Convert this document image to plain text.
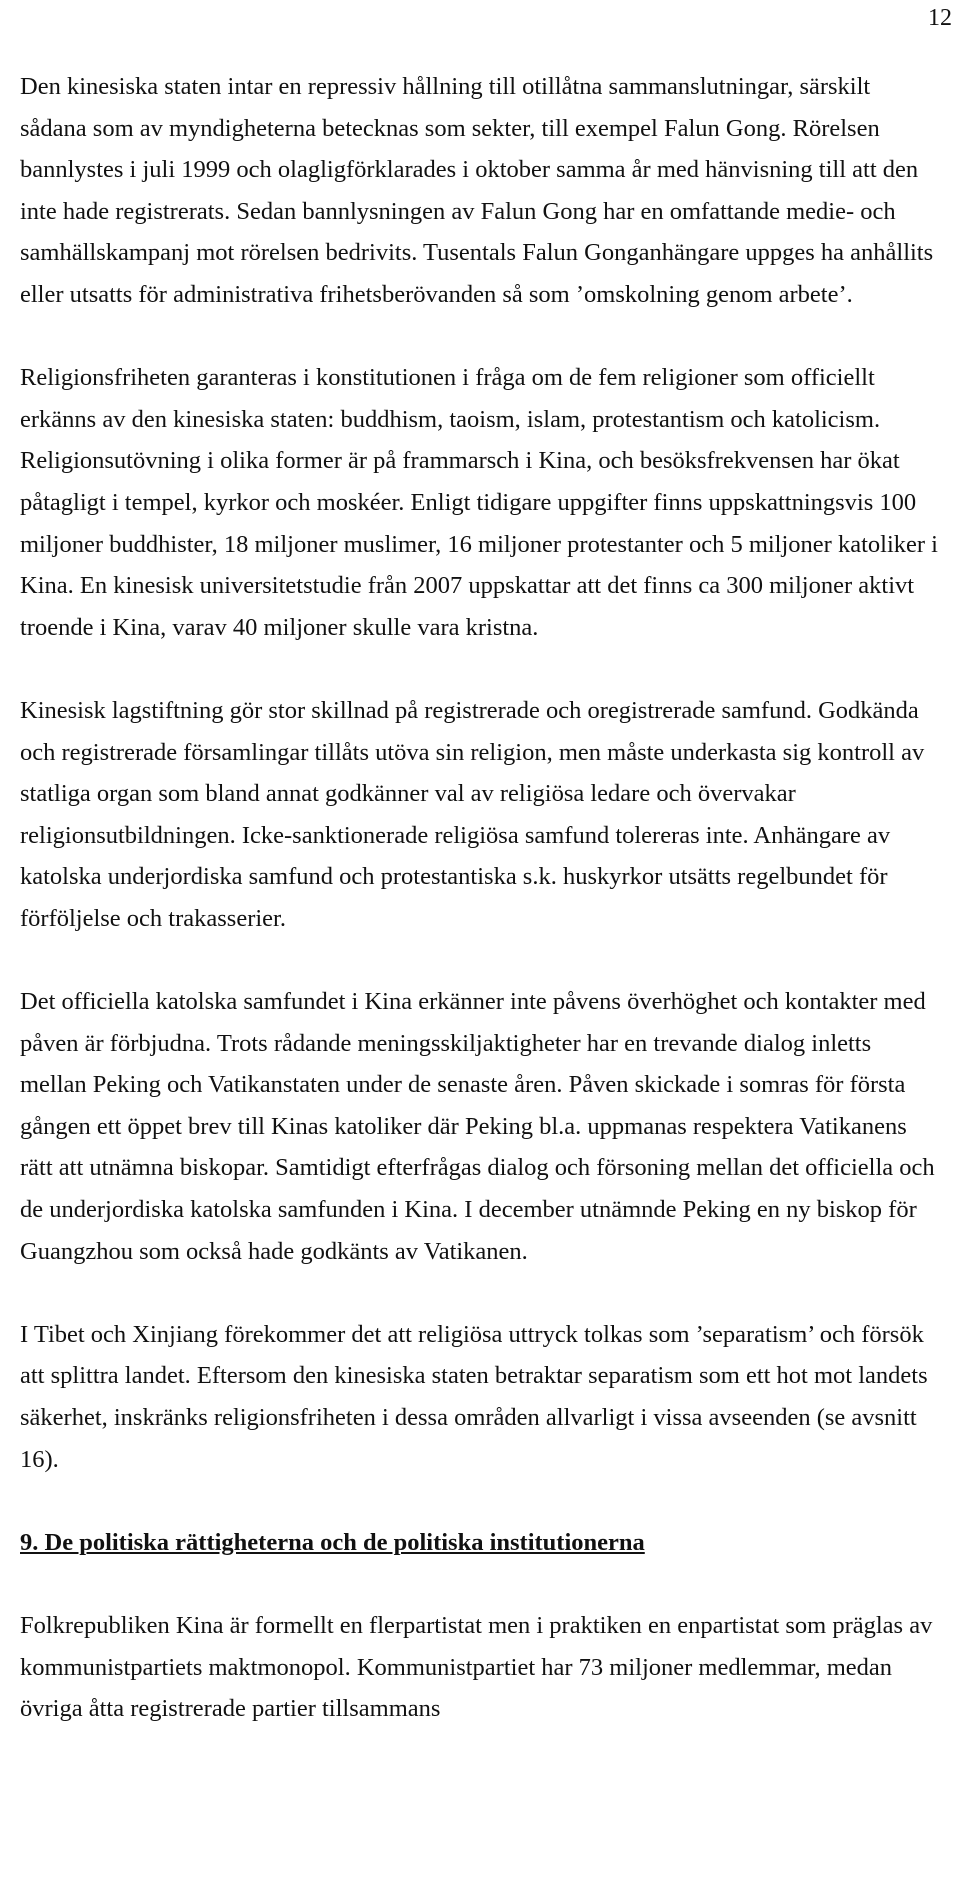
12

Den kinesiska staten intar en repressiv hållning till otillåtna sammanslutningar, särskilt sådana som av myndigheterna betecknas som sekter, till exempel Falun Gong. Rörelsen bannlystes i juli 1999 och olagligförklarades i oktober samma år med hänvisning till att den inte hade registrerats. Sedan bannlysningen av Falun Gong har en omfattande medie- och samhällskampanj mot rörelsen bedrivits. Tusentals Falun Gonganhängare uppges ha anhållits eller utsatts för administrativa frihetsberövanden så som ’omskolning genom arbete’.

Religionsfriheten garanteras i konstitutionen i fråga om de fem religioner som officiellt erkänns av den kinesiska staten: buddhism, taoism, islam, protestantism och katolicism. Religionsutövning i olika former är på frammarsch i Kina, och besöksfrekvensen har ökat påtagligt i tempel, kyrkor och moskéer. Enligt tidigare uppgifter finns uppskattningsvis 100 miljoner buddhister, 18 miljoner muslimer, 16 miljoner protestanter och 5 miljoner katoliker i Kina. En kinesisk universitetstudie från 2007 uppskattar att det finns ca 300 miljoner aktivt troende i Kina, varav 40 miljoner skulle vara kristna.

Kinesisk lagstiftning gör stor skillnad på registrerade och oregistrerade samfund. Godkända och registrerade församlingar tillåts utöva sin religion, men måste underkasta sig kontroll av statliga organ som bland annat godkänner val av religiösa ledare och övervakar religionsutbildningen. Icke-sanktionerade religiösa samfund tolereras inte. Anhängare av katolska underjordiska samfund och protestantiska s.k. huskyrkor utsätts regelbundet för förföljelse och trakasserier.

Det officiella katolska samfundet i Kina erkänner inte påvens överhöghet och kontakter med påven är förbjudna. Trots rådande meningsskiljaktigheter har en trevande dialog inletts mellan Peking och Vatikanstaten under de senaste åren. Påven skickade i somras för första gången ett öppet brev till Kinas katoliker där Peking bl.a. uppmanas respektera Vatikanens rätt att utnämna biskopar. Samtidigt efterfrågas dialog och försoning mellan det officiella och de underjordiska katolska samfunden i Kina. I december utnämnde Peking en ny biskop för Guangzhou som också hade godkänts av Vatikanen.

I Tibet och Xinjiang förekommer det att religiösa uttryck tolkas som ’separatism’ och försök att splittra landet. Eftersom den kinesiska staten betraktar separatism som ett hot mot landets säkerhet, inskränks religionsfriheten i dessa områden allvarligt i vissa avseenden (se avsnitt 16).

9. De politiska rättigheterna och de politiska institutionerna

Folkrepubliken Kina är formellt en flerpartistat men i praktiken en enpartistat som präglas av kommunistpartiets maktmonopol. Kommunistpartiet har 73 miljoner medlemmar, medan övriga åtta registrerade partier tillsammans
